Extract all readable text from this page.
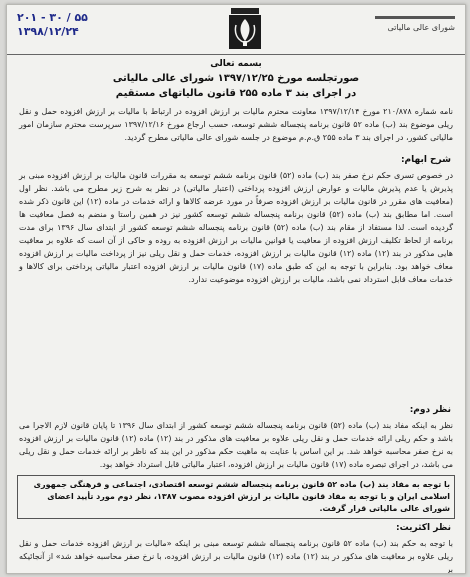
۲۰۱ - ۳۰ / ۵۵
۱۳۹۸/۱۲/۲۴	شورای عالی مالیاتی
بسمه تعالی
صورتجلسه مورخ ۱۳۹۷/۱۲/۲۵ شورای عالی مالیاتی
در اجرای بند ۳ ماده ۲۵۵ قانون مالیاتهای مستقیم
نامه شماره ۲۱۰/۸۷۸ مورخ ۱۳۹۷/۱۲/۱۴ معاونت محترم مالیات بر ارزش افزوده در ارتباط با مالیات بر ارزش افزوده حمل و نقل ریلی موضوع بند (ب) ماده ۵۲ قانون برنامه پنجساله ششم توسعه، حسب ارجاع مورخ ۱۳۹۷/۱۲/۱۶ سرپرست محترم سازمان امور مالیاتی کشور، در اجرای بند ۳ ماده ۲۵۵ ق.م.م موضوع در جلسه شورای عالی مالیاتی مطرح گردید.
شرح ابهام:
در خصوص تسری حکم نرخ صفر بند (ب) ماده (۵۲) قانون برنامه ششم توسعه به مقررات قانون مالیات بر ارزش افزوده مبنی بر پذیرش یا عدم پذیرش مالیات و عوارض ارزش افزوده پرداختی (اعتبار مالیاتی) در نظر به شرح زیر مطرح می باشد. نظر اول (معافیت های مقرر در قانون مالیات بر ارزش افزوده صرفاً در مورد عرضه کالاها و ارائه خدمات در ماده (۱۲) این قانون ذکر شده است. اما مطابق بند (ب) ماده (۵۲) قانون برنامه پنجساله ششم توسعه کشور نیز در همین راستا و منضم به فصل معافیت ها گردیده است. لذا مستفاد از مقام بند (ب) ماده (۵۲) قانون برنامه پنجساله ششم توسعه کشور از ابتدای سال ۱۳۹۶ برای مدت برنامه از لحاظ تکلیف ارزش افزوده از معافیت یا قوانین مالیات بر ارزش افزوده به روده و حاکی از آن است که علاوه بر معافیت هایی مذکور در بند (۱۲) ماده (۱۲) قانون مالیات بر ارزش افزوده، خدمات حمل و نقل ریلی نیز از پرداخت مالیات بر ارزش افزوده معاف خواهد بود. بنابراین با توجه به این که طبق ماده (۱۷) قانون مالیات بر ارزش افزوده اعتبار مالیاتی پرداختی برای کالاها و خدمات معاف قابل استرداد نمی باشد، مالیات بر ارزش افزوده موضوعیت ندارد.
نظر دوم:
نظر به اینکه مفاد بند (ب) ماده (۵۲) قانون برنامه پنجساله ششم توسعه کشور از ابتدای سال ۱۳۹۶ تا پایان قانون لازم الاجرا می باشد و حکم ریلی ارائه خدمات حمل و نقل ریلی علاوه بر معافیت های مذکور در بند (۱۲) ماده (۱۲) قانون مالیات بر ارزش افزوده به نرخ صفر محاسبه خواهد شد. بر این اساس با عنایت به ماهیت حکم مذکور در این بند که ناظر بر ارائه خدمات حمل و نقل ریلی می باشد، در اجرای تبصره ماده (۱۷) قانون مالیات بر ارزش افزوده، اعتبار مالیاتی قابل استرداد خواهد بود.
با توجه به مفاد بند (ب) ماده ۵۲ قانون برنامه پنجساله ششم توسعه اقتصادی، اجتماعی و فرهنگی جمهوری اسلامی ایران و با توجه به مفاد قانون مالیات بر ارزش افزوده مصوب ۱۳۸۷، نظر دوم مورد تأیید اعضای شورای عالی مالیاتی قرار گرفت.
نظر اکثریت:
با توجه به حکم بند (ب) ماده ۵۲ قانون برنامه پنجساله ششم توسعه مبنی بر اینکه «مالیات بر ارزش افزوده خدمات حمل و نقل ریلی علاوه بر معافیت های مذکور در بند (۱۲) ماده (۱۲) قانون مالیات بر ارزش افزوده، با نرخ صفر محاسبه خواهد شد» از آنجائیکه بر
